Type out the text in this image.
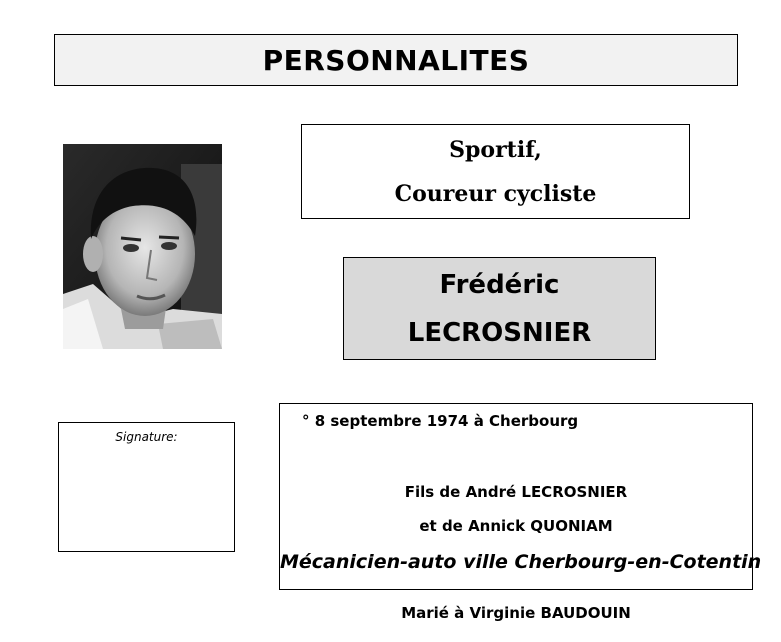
PERSONNALITES
Sportif,
Coureur cycliste
Frédéric
LECROSNIER
Signature:
° 8 septembre 1974 à Cherbourg
Fils de André LECROSNIER
et de Annick QUONIAM
Mécanicien-auto ville Cherbourg-en-Cotentin
Marié à Virginie BAUDOUIN
